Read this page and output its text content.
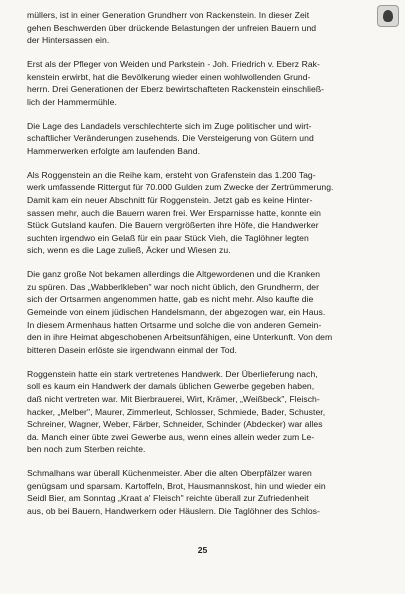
müllers, ist in einer Generation Grundherr von Rackenstein. In dieser Zeit
gehen Beschwerden über drückende Belastungen der unfreien Bauern und
der Hintersassen ein.

Erst als der Pfleger von Weiden und Parkstein - Joh. Friedrich v. Eberz Rak-
kenstein erwirbt, hat die Bevölkerung wieder einen wohlwollenden Grund-
herrn. Drei Generationen der Eberz bewirtschafteten Rackenstein einschließ-
lich der Hammermühle.

Die Lage des Landadels verschlechterte sich im Zuge politischer und wirt-
schaftlicher Veränderungen zusehends. Die Versteigerung von Gütern und
Hammerwerken erfolgte am laufenden Band.

Als Roggenstein an die Reihe kam, ersteht von Grafenstein das 1.200 Tag-
werk umfassende Rittergut für 70.000 Gulden zum Zwecke der Zertrümmerung.
Damit kam ein neuer Abschnitt für Roggenstein. Jetzt gab es keine Hinter-
sassen mehr, auch die Bauern waren frei. Wer Ersparnisse hatte, konnte ein
Stück Gutsland kaufen. Die Bauern vergrößerten ihre Höfe, die Handwerker
suchten irgendwo ein Gelaß für ein paar Stück Vieh, die Taglöhner legten
sich, wenn es die Lage zuließ, Äcker und Wiesen zu.

Die ganz große Not bekamen allerdings die Altgewordenen und die Kranken
zu spüren. Das „Wabberlkleben" war noch nicht üblich, den Grundherrn, der
sich der Ortsarmen angenommen hatte, gab es nicht mehr. Also kaufte die
Gemeinde von einem jüdischen Handelsmann, der abgezogen war, ein Haus.
In diesem Armenhaus hatten Ortsarme und solche die von anderen Gemein-
den in ihre Heimat abgeschobenen Arbeitsunfähigen, eine Unterkunft. Von dem
bitteren Dasein erlöste sie irgendwann einmal der Tod.

Roggenstein hatte ein stark vertretenes Handwerk. Der Überlieferung nach,
soll es kaum ein Handwerk der damals üblichen Gewerbe gegeben haben,
daß nicht vertreten war. Mit Bierbrauerei, Wirt, Krämer, „Weißbeck", Fleisch-
hacker, „Melber", Maurer, Zimmerleut, Schlosser, Schmiede, Bader, Schuster,
Schreiner, Wagner, Weber, Färber, Schneider, Schinder (Abdecker) war alles
da. Manch einer übte zwei Gewerbe aus, wenn eines allein weder zum Le-
ben noch zum Sterben reichte.

Schmalhans war überall Küchenmeister. Aber die alten Oberpfälzer waren
genügsam und sparsam. Kartoffeln, Brot, Hausmannskost, hin und wieder ein
Seidl Bier, am Sonntag „Kraat a' Fleisch" reichte überall zur Zufriedenheit
aus, ob bei Bauern, Handwerkern oder Häuslern. Die Taglöhner des Schlos-

25
